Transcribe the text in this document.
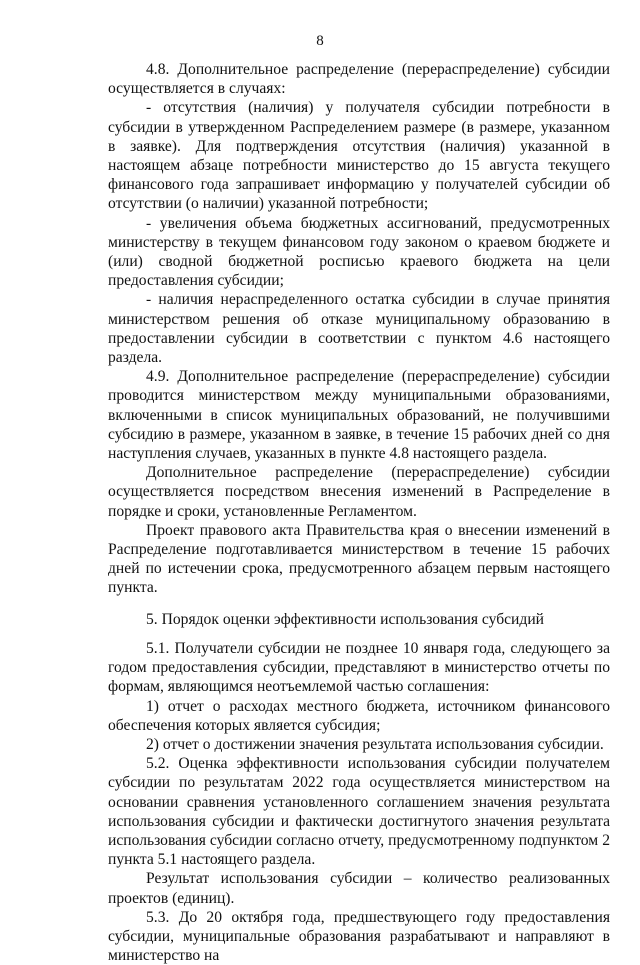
8

4.8. Дополнительное распределение (перераспределение) субсидии осуществляется в случаях:

- отсутствия (наличия) у получателя субсидии потребности в субсидии в утвержденном Распределением размере (в размере, указанном в заявке). Для подтверждения отсутствия (наличия) указанной в настоящем абзаце потребности министерство до 15 августа текущего финансового года запрашивает информацию у получателей субсидии об отсутствии (о наличии) указанной потребности;

- увеличения объема бюджетных ассигнований, предусмотренных министерству в текущем финансовом году законом о краевом бюджете и (или) сводной бюджетной росписью краевого бюджета на цели предоставления субсидии;

- наличия нераспределенного остатка субсидии в случае принятия министерством решения об отказе муниципальному образованию в предоставлении субсидии в соответствии с пунктом 4.6 настоящего раздела.

4.9. Дополнительное распределение (перераспределение) субсидии проводится министерством между муниципальными образованиями, включенными в список муниципальных образований, не получившими субсидию в размере, указанном в заявке, в течение 15 рабочих дней со дня наступления случаев, указанных в пункте 4.8 настоящего раздела.

Дополнительное распределение (перераспределение) субсидии осуществляется посредством внесения изменений в Распределение в порядке и сроки, установленные Регламентом.

Проект правового акта Правительства края о внесении изменений в Распределение подготавливается министерством в течение 15 рабочих дней по истечении срока, предусмотренного абзацем первым настоящего пункта.

5. Порядок оценки эффективности использования субсидий

5.1. Получатели субсидии не позднее 10 января года, следующего за годом предоставления субсидии, представляют в министерство отчеты по формам, являющимся неотъемлемой частью соглашения:

1) отчет о расходах местного бюджета, источником финансового обеспечения которых является субсидия;

2) отчет о достижении значения результата использования субсидии.

5.2. Оценка эффективности использования субсидии получателем субсидии по результатам 2022 года осуществляется министерством на основании сравнения установленного соглашением значения результата использования субсидии и фактически достигнутого значения результата использования субсидии согласно отчету, предусмотренному подпунктом 2 пункта 5.1 настоящего раздела.

Результат использования субсидии – количество реализованных проектов (единиц).

5.3. До 20 октября года, предшествующего году предоставления субсидии, муниципальные образования разрабатывают и направляют в министерство на
